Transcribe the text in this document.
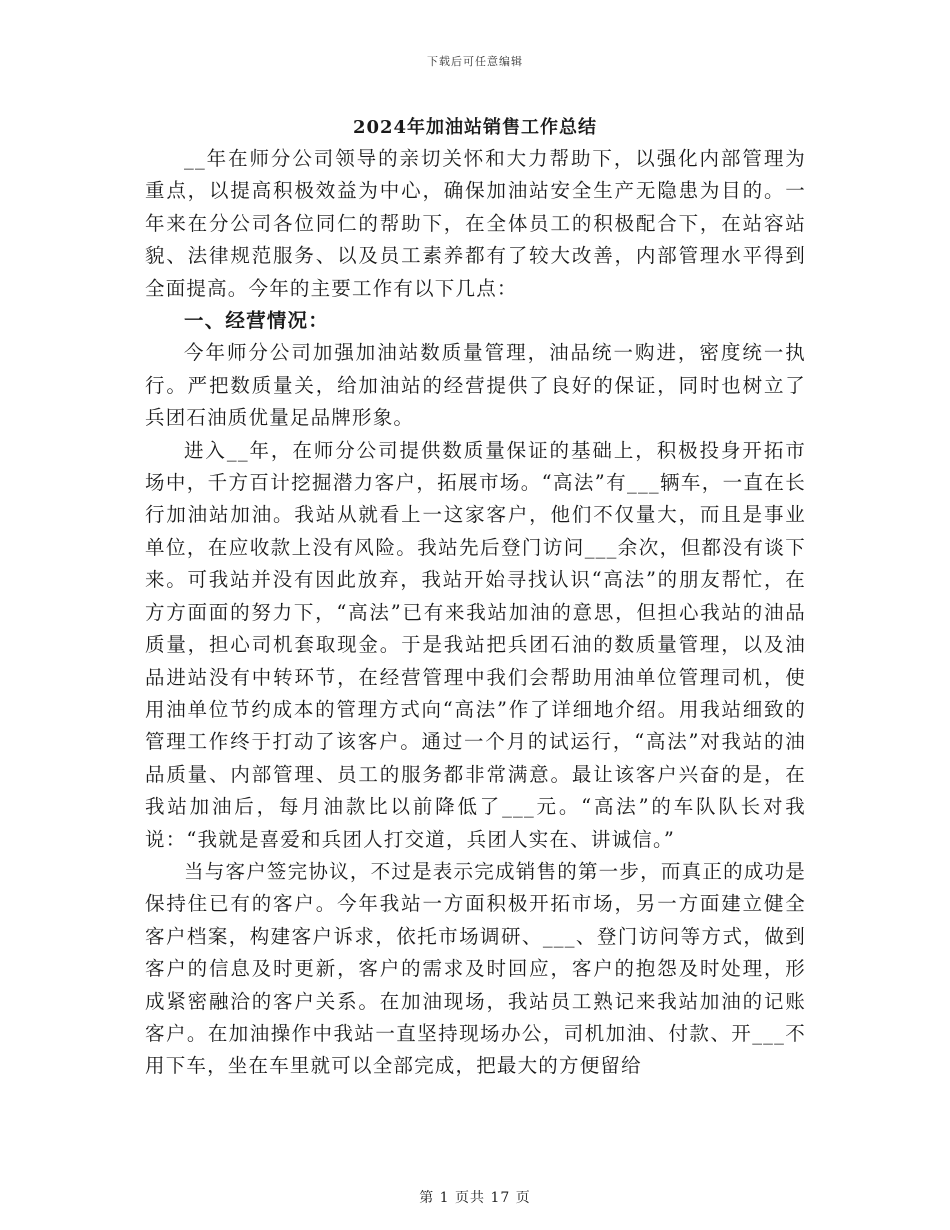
下载后可任意编辑
2024年加油站销售工作总结

__年在师分公司领导的亲切关怀和大力帮助下，以强化内部管理为重点，以提高积极效益为中心，确保加油站安全生产无隐患为目的。一年来在分公司各位同仁的帮助下，在全体员工的积极配合下，在站容站貌、法律规范服务、以及员工素养都有了较大改善，内部管理水平得到全面提高。今年的主要工作有以下几点：

一、经营情况：

今年师分公司加强加油站数质量管理，油品统一购进，密度统一执行。严把数质量关，给加油站的经营提供了良好的保证，同时也树立了兵团石油质优量足品牌形象。

进入__年，在师分公司提供数质量保证的基础上，积极投身开拓市场中，千方百计挖掘潜力客户，拓展市场。“高法”有___辆车，一直在长行加油站加油。我站从就看上一这家客户，他们不仅量大，而且是事业单位，在应收款上没有风险。我站先后登门访问___余次，但都没有谈下来。可我站并没有因此放弃，我站开始寻找认识“高法”的朋友帮忙，在方方面面的努力下，“高法”已有来我站加油的意思，但担心我站的油品质量，担心司机套取现金。于是我站把兵团石油的数质量管理，以及油品进站没有中转环节，在经营管理中我们会帮助用油单位管理司机，使用油单位节约成本的管理方式向“高法”作了详细地介绍。用我站细致的管理工作终于打动了该客户。通过一个月的试运行，“高法”对我站的油品质量、内部管理、员工的服务都非常满意。最让该客户兴奋的是，在我站加油后，每月油款比以前降低了___元。“高法”的车队队长对我说：“我就是喜爱和兵团人打交道，兵团人实在、讲诚信。”

当与客户签完协议，不过是表示完成销售的第一步，而真正的成功是保持住已有的客户。今年我站一方面积极开拓市场，另一方面建立健全客户档案，构建客户诉求，依托市场调研、___、登门访问等方式，做到客户的信息及时更新，客户的需求及时回应，客户的抱怨及时处理，形成紧密融洽的客户关系。在加油现场，我站员工熟记来我站加油的记账客户。在加油操作中我站一直坚持现场办公，司机加油、付款、开___不用下车，坐在车里就可以全部完成，把最大的方便留给

第 1 页共 17 页
